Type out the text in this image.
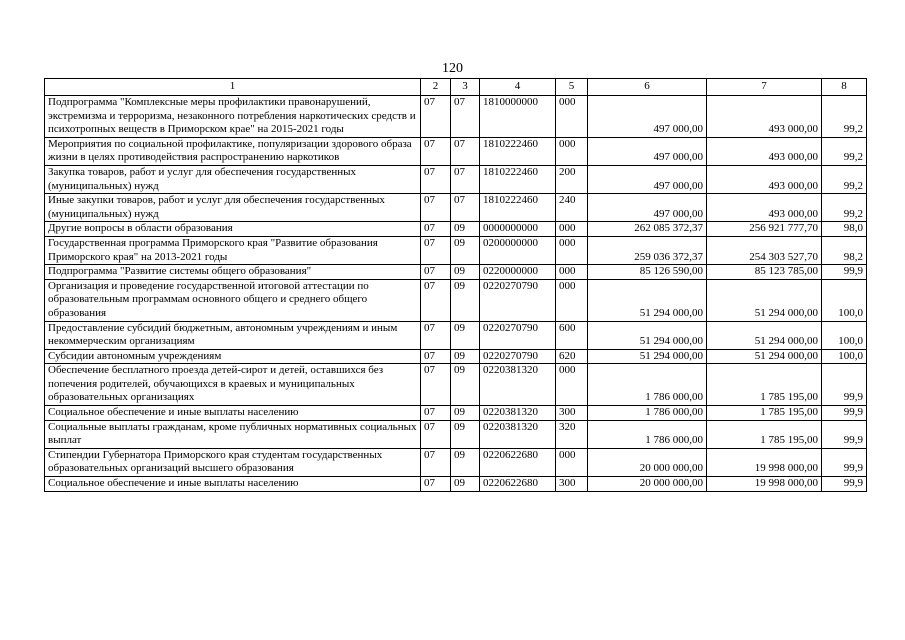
120
1	2	3	4	5	6	7	8
Подпрограмма "Комплексные меры профилактики правонарушений, экстремизма и терроризма, незаконного потребления наркотических средств и психотропных веществ в Приморском крае" на 2015-2021 годы	07	07	1810000000	000	497 000,00	493 000,00	99,2
Мероприятия по социальной профилактике, популяризации здорового образа жизни в целях противодействия распространению наркотиков	07	07	1810222460	000	497 000,00	493 000,00	99,2
Закупка товаров, работ и услуг для обеспечения государственных (муниципальных) нужд	07	07	1810222460	200	497 000,00	493 000,00	99,2
Иные закупки товаров, работ и услуг для обеспечения государственных (муниципальных) нужд	07	07	1810222460	240	497 000,00	493 000,00	99,2
Другие вопросы в области образования	07	09	0000000000	000	262 085 372,37	256 921 777,70	98,0
Государственная программа Приморского края "Развитие образования Приморского края" на 2013-2021 годы	07	09	0200000000	000	259 036 372,37	254 303 527,70	98,2
Подпрограмма "Развитие системы общего образования"	07	09	0220000000	000	85 126 590,00	85 123 785,00	99,9
Организация и проведение государственной итоговой аттестации по образовательным программам основного общего и среднего общего образования	07	09	0220270790	000	51 294 000,00	51 294 000,00	100,0
Предоставление субсидий бюджетным, автономным учреждениям и иным некоммерческим организациям	07	09	0220270790	600	51 294 000,00	51 294 000,00	100,0
Субсидии автономным учреждениям	07	09	0220270790	620	51 294 000,00	51 294 000,00	100,0
Обеспечение бесплатного проезда детей-сирот и детей, оставшихся без попечения родителей, обучающихся в краевых и муниципальных образовательных организациях	07	09	0220381320	000	1 786 000,00	1 785 195,00	99,9
Социальное обеспечение и иные выплаты населению	07	09	0220381320	300	1 786 000,00	1 785 195,00	99,9
Социальные выплаты гражданам, кроме публичных нормативных социальных выплат	07	09	0220381320	320	1 786 000,00	1 785 195,00	99,9
Стипендии Губернатора Приморского края студентам государственных образовательных организаций высшего образования	07	09	0220622680	000	20 000 000,00	19 998 000,00	99,9
Социальное обеспечение и иные выплаты населению	07	09	0220622680	300	20 000 000,00	19 998 000,00	99,9
